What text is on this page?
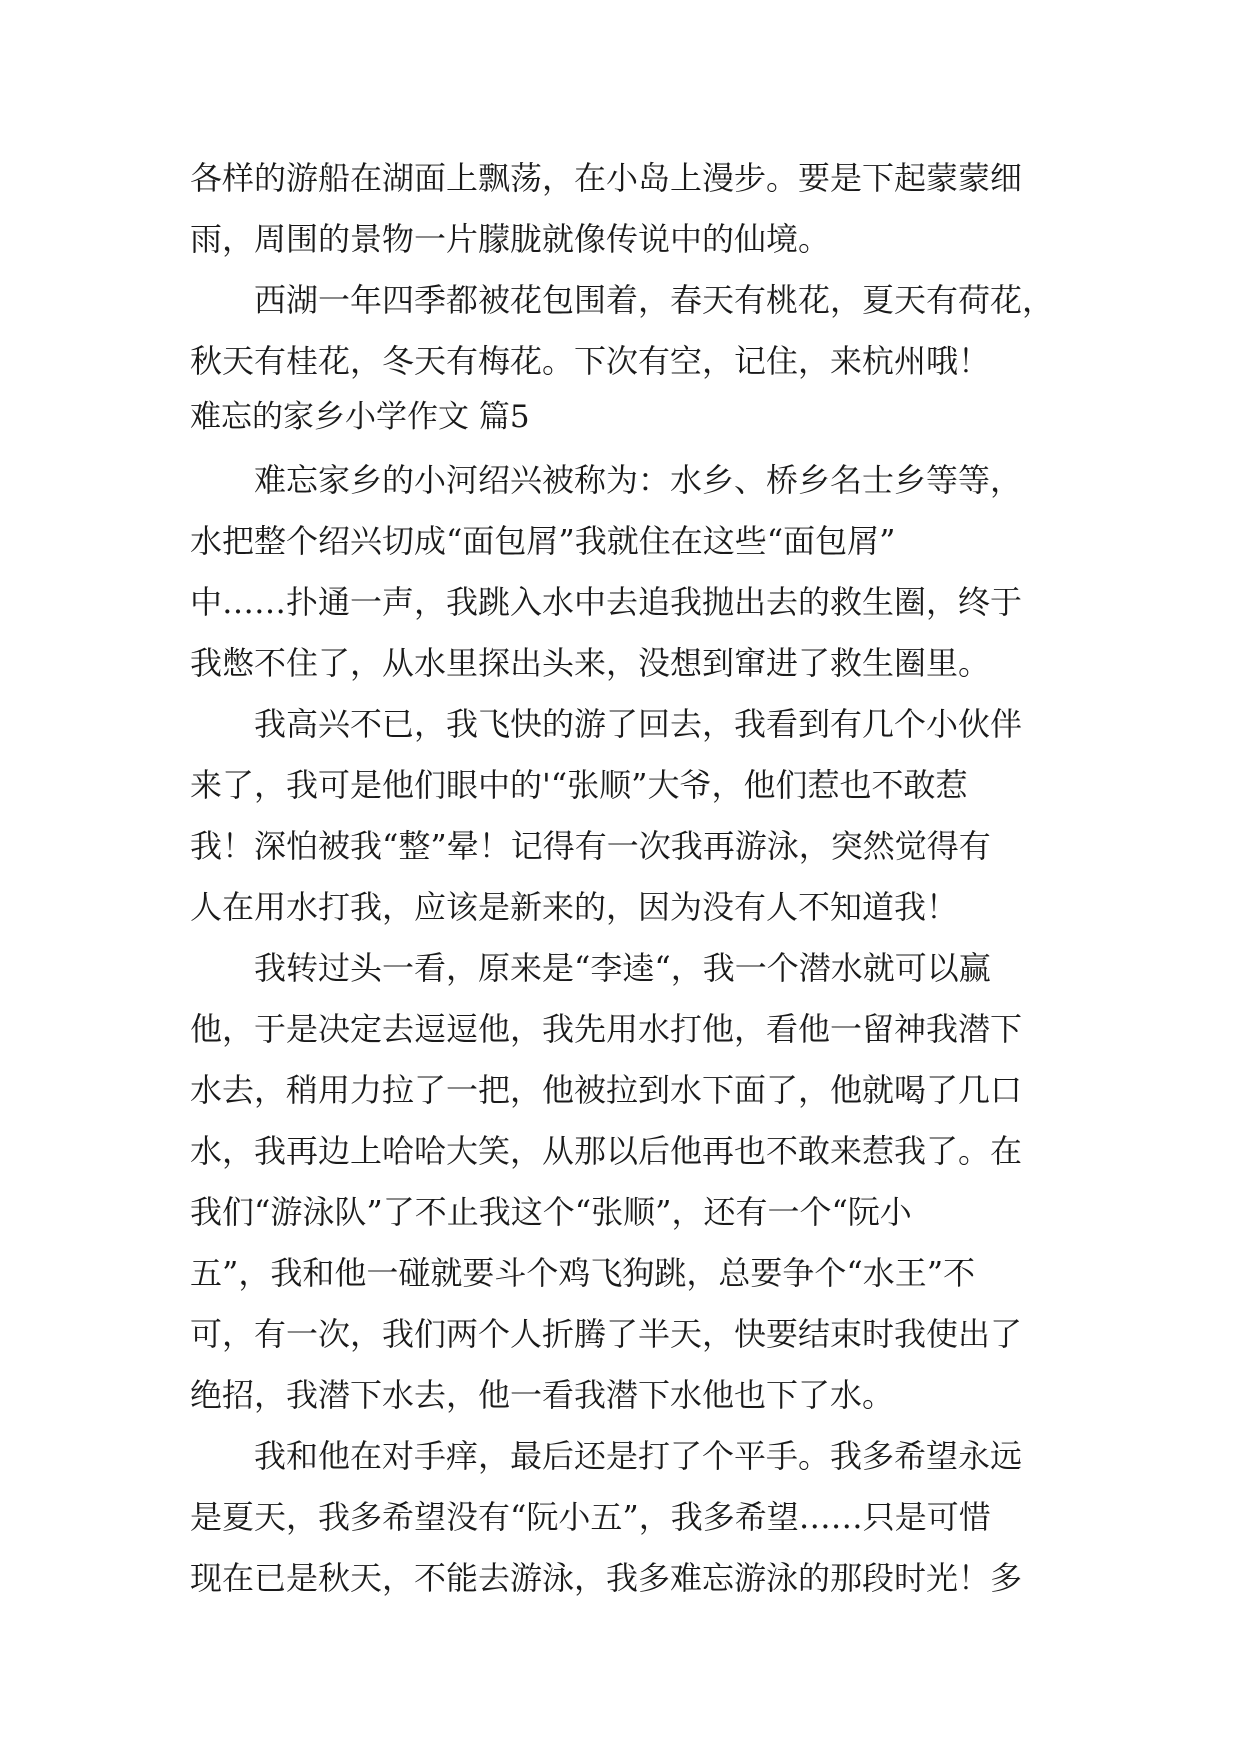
各样的游船在湖面上飘荡，在小岛上漫步。要是下起蒙蒙细
雨，周围的景物一片朦胧就像传说中的仙境。
西湖一年四季都被花包围着，春天有桃花，夏天有荷花，
秋天有桂花，冬天有梅花。下次有空，记住，来杭州哦！
难忘的家乡小学作文 篇5
难忘家乡的小河绍兴被称为：水乡、桥乡名士乡等等，
水把整个绍兴切成“面包屑”我就住在这些“面包屑”
中……扑通一声，我跳入水中去追我抛出去的救生圈，终于
我憋不住了，从水里探出头来，没想到窜进了救生圈里。
我高兴不已，我飞快的游了回去，我看到有几个小伙伴
来了，我可是他们眼中的'“张顺”大爷，他们惹也不敢惹
我！深怕被我“整”晕！记得有一次我再游泳，突然觉得有
人在用水打我，应该是新来的，因为没有人不知道我！
我转过头一看，原来是“李逵“，我一个潜水就可以赢
他，于是决定去逗逗他，我先用水打他，看他一留神我潜下
水去，稍用力拉了一把，他被拉到水下面了，他就喝了几口
水，我再边上哈哈大笑，从那以后他再也不敢来惹我了。在
我们“游泳队”了不止我这个“张顺”，还有一个“阮小
五”，我和他一碰就要斗个鸡飞狗跳，总要争个“水王”不
可，有一次，我们两个人折腾了半天，快要结束时我使出了
绝招，我潜下水去，他一看我潜下水他也下了水。
我和他在对手痒，最后还是打了个平手。我多希望永远
是夏天，我多希望没有“阮小五”，我多希望……只是可惜
现在已是秋天，不能去游泳，我多难忘游泳的那段时光！多
